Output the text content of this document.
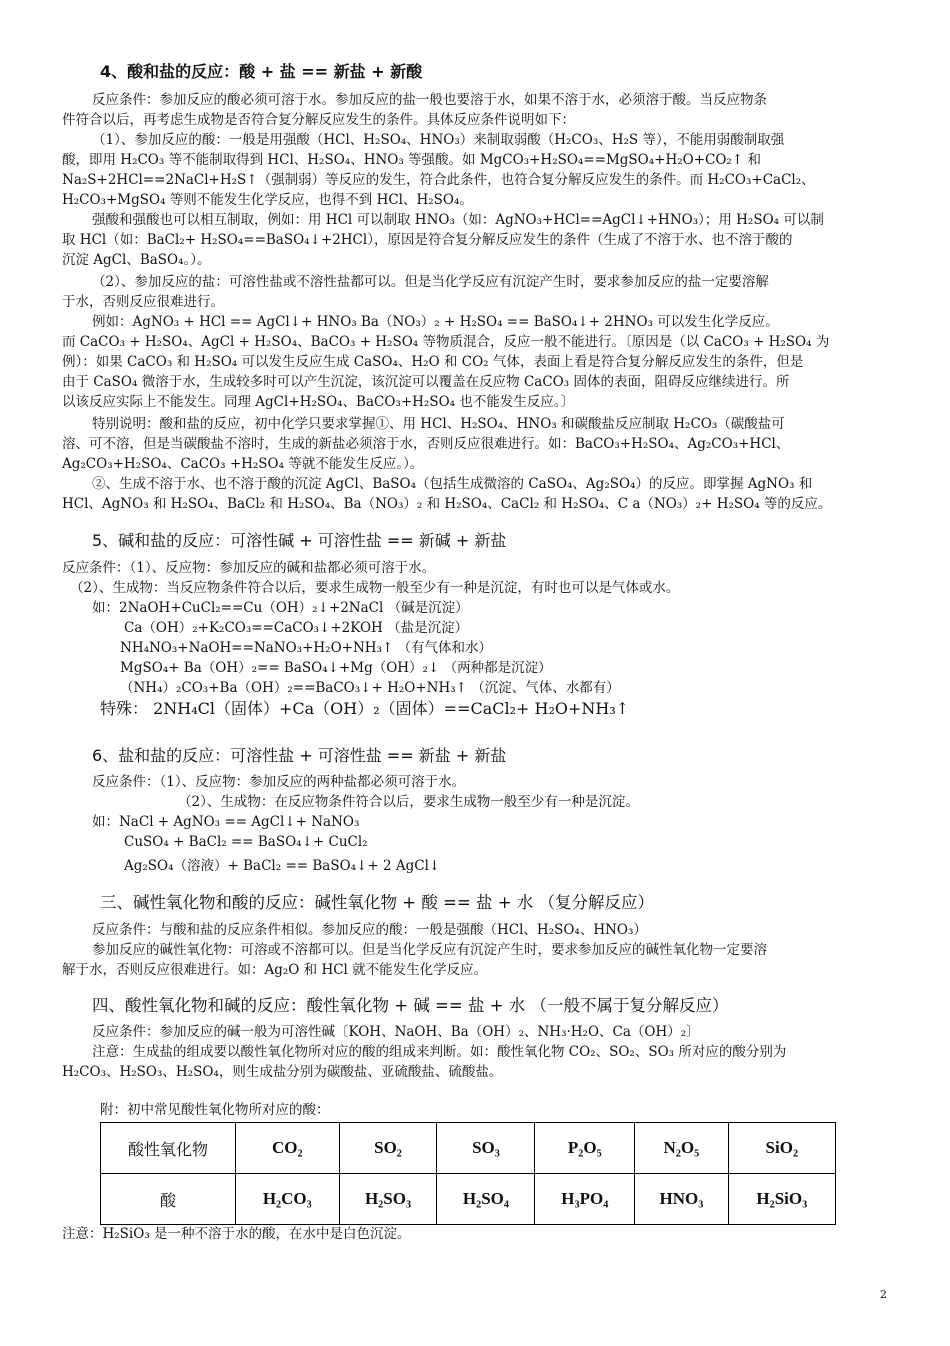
4、酸和盐的反应：酸 + 盐 == 新盐 + 新酸
反应条件：参加反应的酸必须可溶于水。参加反应的盐一般也要溶于水，如果不溶于水，必须溶于酸。当反应物条
件符合以后，再考虑生成物是否符合复分解反应发生的条件。具体反应条件说明如下：
（1）、参加反应的酸：一般是用强酸（HCl、H₂SO₄、HNO₃）来制取弱酸（H₂CO₃、H₂S 等），不能用弱酸制取强
酸，即用 H₂CO₃ 等不能制取得到 HCl、H₂SO₄、HNO₃ 等强酸。如 MgCO₃+H₂SO₄==MgSO₄+H₂O+CO₂↑ 和
Na₂S+2HCl==2NaCl+H₂S↑（强制弱）等反应的发生，符合此条件，也符合复分解反应发生的条件。而 H₂CO₃+CaCl₂、
H₂CO₃+MgSO₄ 等则不能发生化学反应，也得不到 HCl、H₂SO₄。
强酸和强酸也可以相互制取，例如：用 HCl 可以制取 HNO₃（如：AgNO₃+HCl==AgCl↓+HNO₃）；用 H₂SO₄ 可以制
取 HCl（如：BaCl₂+ H₂SO₄==BaSO₄↓+2HCl），原因是符合复分解反应发生的条件（生成了不溶于水、也不溶于酸的
沉淀 AgCl、BaSO₄。）。
（2）、参加反应的盐：可溶性盐或不溶性盐都可以。但是当化学反应有沉淀产生时，要求参加反应的盐一定要溶解
于水，否则反应很难进行。
例如：AgNO₃ + HCl == AgCl↓+ HNO₃ Ba（NO₃）₂ + H₂SO₄ == BaSO₄↓+ 2HNO₃ 可以发生化学反应。
而 CaCO₃ + H₂SO₄、AgCl + H₂SO₄、BaCO₃ + H₂SO₄ 等物质混合，反应一般不能进行。〔原因是（以 CaCO₃ + H₂SO₄ 为
例）：如果 CaCO₃ 和 H₂SO₄ 可以发生反应生成 CaSO₄、H₂O 和 CO₂ 气体，表面上看是符合复分解反应发生的条件，但是
由于 CaSO₄ 微溶于水，生成较多时可以产生沉淀，该沉淀可以覆盖在反应物 CaCO₃ 固体的表面，阻碍反应继续进行。所
以该反应实际上不能发生。同理 AgCl+H₂SO₄、BaCO₃+H₂SO₄ 也不能发生反应。〕
特别说明：酸和盐的反应，初中化学只要求掌握①、用 HCl、H₂SO₄、HNO₃ 和碳酸盐反应制取 H₂CO₃（碳酸盐可
溶、可不溶，但是当碳酸盐不溶时，生成的新盐必须溶于水，否则反应很难进行。如：BaCO₃+H₂SO₄、Ag₂CO₃+HCl、
Ag₂CO₃+H₂SO₄、CaCO₃ +H₂SO₄ 等就不能发生反应。）。
②、生成不溶于水、也不溶于酸的沉淀 AgCl、BaSO₄（包括生成微溶的 CaSO₄、Ag₂SO₄）的反应。即掌握 AgNO₃ 和
HCl、AgNO₃ 和 H₂SO₄、BaCl₂ 和 H₂SO₄、Ba（NO₃）₂ 和 H₂SO₄、CaCl₂ 和 H₂SO₄、C a（NO₃）₂+ H₂SO₄ 等的反应。
5、碱和盐的反应：可溶性碱 + 可溶性盐 == 新碱 + 新盐
反应条件：（1）、反应物：参加反应的碱和盐都必须可溶于水。
（2）、生成物：当反应物条件符合以后，要求生成物一般至少有一种是沉淀，有时也可以是气体或水。
如：2NaOH+CuCl₂==Cu（OH）₂↓+2NaCl （碱是沉淀）
Ca（OH）₂+K₂CO₃==CaCO₃↓+2KOH （盐是沉淀）
NH₄NO₃+NaOH==NaNO₃+H₂O+NH₃↑ （有气体和水）
MgSO₄+ Ba（OH）₂== BaSO₄↓+Mg（OH）₂↓ （两种都是沉淀）
（NH₄）₂CO₃+Ba（OH）₂==BaCO₃↓+ H₂O+NH₃↑ （沉淀、气体、水都有）
特殊： 2NH₄Cl（固体）+Ca（OH）₂（固体）==CaCl₂+ H₂O+NH₃↑
6、盐和盐的反应：可溶性盐 + 可溶性盐 == 新盐 + 新盐
反应条件：（1）、反应物：参加反应的两种盐都必须可溶于水。
（2）、生成物：在反应物条件符合以后，要求生成物一般至少有一种是沉淀。
如：NaCl + AgNO₃ == AgCl↓+ NaNO₃
CuSO₄ + BaCl₂ == BaSO₄↓+ CuCl₂
Ag₂SO₄（溶液）+ BaCl₂ == BaSO₄↓+ 2 AgCl↓
三、碱性氧化物和酸的反应：碱性氧化物 + 酸 == 盐 + 水 （复分解反应）
反应条件：与酸和盐的反应条件相似。参加反应的酸：一般是强酸（HCl、H₂SO₄、HNO₃）
参加反应的碱性氧化物：可溶或不溶都可以。但是当化学反应有沉淀产生时，要求参加反应的碱性氧化物一定要溶
解于水，否则反应很难进行。如：Ag₂O 和 HCl 就不能发生化学反应。
四、酸性氧化物和碱的反应：酸性氧化物 + 碱 == 盐 + 水 （一般不属于复分解反应）
反应条件：参加反应的碱一般为可溶性碱〔KOH、NaOH、Ba（OH）₂、NH₃·H₂O、Ca（OH）₂〕
注意：生成盐的组成要以酸性氧化物所对应的酸的组成来判断。如：酸性氧化物 CO₂、SO₂、SO₃ 所对应的酸分别为
H₂CO₃、H₂SO₃、H₂SO₄，则生成盐分别为碳酸盐、亚硫酸盐、硫酸盐。
附：初中常见酸性氧化物所对应的酸：
酸性氧化物	CO₂	SO₂	SO₃	P₂O₅	N₂O₅	SiO₂
酸	H₂CO₃	H₂SO₃	H₂SO₄	H₃PO₄	HNO₃	H₂SiO₃
注意：H₂SiO₃ 是一种不溶于水的酸，在水中是白色沉淀。
2
